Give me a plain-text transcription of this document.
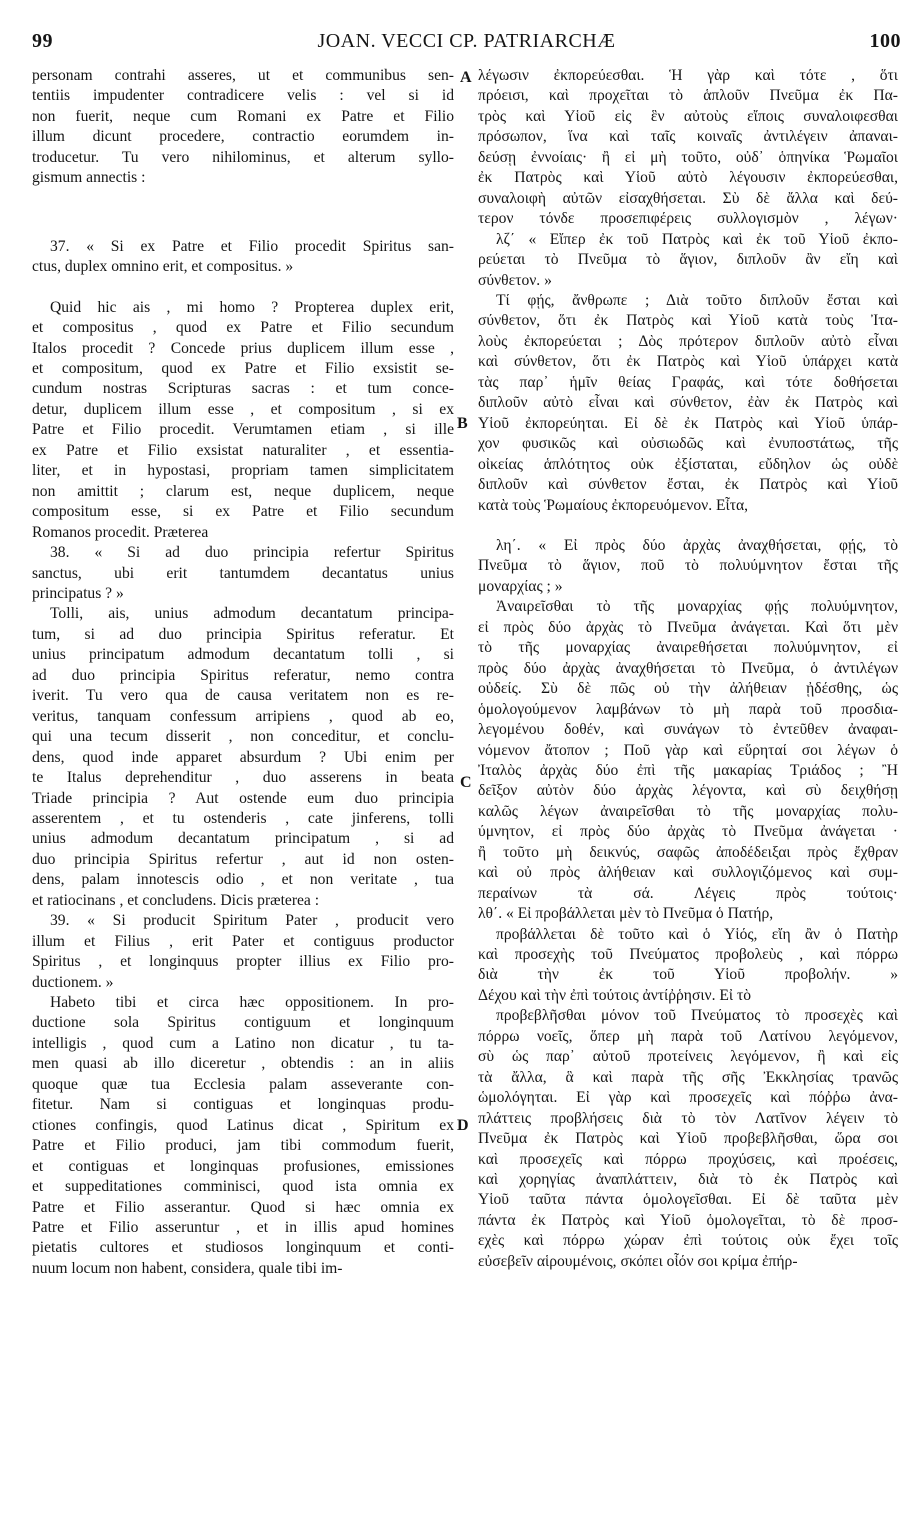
99	JOAN. VECCI CP. PATRIARCHÆ	100
personam contrahi asseres, ut et communibus sen-
tentiis impudenter contradicere velis : vel si id
non fuerit, neque cum Romani ex Patre et Filio
illum dicunt procedere, contractio eorumdem in-
troducetur. Tu vero nihilominus, et alterum syllo-
gismum annectis :
37. « Si ex Patre et Filio procedit Spiritus san-
ctus, duplex omnino erit, et compositus. »
Quid hic ais , mi homo ? Propterea duplex erit,
et compositus , quod ex Patre et Filio secundum
Italos procedit ? Concede prius duplicem illum esse ,
et compositum, quod ex Patre et Filio exsistit se-
cundum nostras Scripturas sacras : et tum conce-
detur, duplicem illum esse , et compositum , si ex
Patre et Filio procedit. Verumtamen etiam , si ille
ex Patre et Filio exsistat naturaliter , et essentia-
liter, et in hypostasi, propriam tamen simplicitatem
non amittit ; clarum est, neque duplicem, neque
compositum esse, si ex Patre et Filio secundum
Romanos procedit. Præterea
38. « Si ad duo principia refertur Spiritus
sanctus, ubi erit tantumdem decantatus unius
principatus ? »
Tolli, ais, unius admodum decantatum principa-
tum, si ad duo principia Spiritus referatur. Et
unius principatum admodum decantatum tolli , si
ad duo principia Spiritus referatur, nemo contra
iverit. Tu vero qua de causa veritatem non es re-
veritus, tanquam confessum arripiens , quod ab eo,
qui una tecum disserit , non conceditur, et conclu-
dens, quod inde apparet absurdum ? Ubi enim per
te Italus deprehenditur , duo asserens in beata
Triade principia ? Aut ostende eum duo principia
asserentem , et tu ostenderis , cate jinferens, tolli
unius admodum decantatum principatum , si ad
duo principia Spiritus refertur , aut id non osten-
dens, palam innotescis odio , et non veritate , tua
et ratiocinans , et concludens. Dicis præterea :
39. « Si producit Spiritum Pater , producit vero
illum et Filius , erit Pater et contiguus productor
Spiritus , et longinquus propter illius ex Filio pro-
ductionem. »
Habeto tibi et circa hæc oppositionem. In pro-
ductione sola Spiritus contiguum et longinquum
intelligis , quod cum a Latino non dicatur , tu ta-
men quasi ab illo diceretur , obtendis : an in aliis
quoque quæ tua Ecclesia palam asseverante con-
fitetur. Nam si contiguas et longinquas produ-
ctiones confingis, quod Latinus dicat , Spiritum ex
Patre et Filio produci, jam tibi commodum fuerit,
et contiguas et longinquas profusiones, emissiones
et suppeditationes comminisci, quod ista omnia ex
Patre et Filio asserantur. Quod si hæc omnia ex
Patre et Filio asseruntur , et in illis apud homines
pietatis cultores et studiosos longinquum et conti-
nuum locum non habent, considera, quale tibi im-
λέγωσιν ἐκπορεύεσθαι. Ἡ γὰρ καὶ τότε , ὅτι
πρόεισι, καὶ προχεῖται τὸ ἁπλοῦν Πνεῦμα ἐκ Πα-
τρὸς καὶ Υἱοῦ εἰς ἓν αὐτοὺς εἴποις συναλοιφεσθαι
πρόσωπον, ἵνα καὶ ταῖς κοιναῖς ἀντιλέγειν ἀπαναι-
δεύσῃ ἐννοίαις· ἢ εἰ μὴ τοῦτο, οὐδ᾽ ὁπηνίκα Ῥωμαῖοι
ἐκ Πατρὸς καὶ Υἱοῦ αὐτὸ λέγουσιν ἐκπορεύεσθαι,
συναλοιφὴ αὐτῶν εἰσαχθήσεται. Σὺ δὲ ἄλλα καὶ δεύ-
τερον τόνδε προσεπιφέρεις συλλογισμὸν , λέγων·
λζ΄ « Εἴπερ ἐκ τοῦ Πατρὸς καὶ ἐκ τοῦ Υἱοῦ ἐκπο-
ρεύεται τὸ Πνεῦμα τὸ ἅγιον, διπλοῦν ἂν εἴη καὶ
σύνθετον. »
Τί φῄς, ἄνθρωπε ; Διὰ τοῦτο διπλοῦν ἔσται καὶ
σύνθετον, ὅτι ἐκ Πατρὸς καὶ Υἱοῦ κατὰ τοὺς Ἰτα-
λοὺς ἐκπορεύεται ; Δὸς πρότερον διπλοῦν αὐτὸ εἶναι
καὶ σύνθετον, ὅτι ἐκ Πατρὸς καὶ Υἱοῦ ὑπάρχει κατὰ
τὰς παρ᾽ ἡμῖν θείας Γραφάς, καὶ τότε δοθήσεται
διπλοῦν αὐτὸ εἶναι καὶ σύνθετον, ἐὰν ἐκ Πατρὸς καὶ
Υἱοῦ ἐκπορεύηται. Εἰ δὲ ἐκ Πατρὸς καὶ Υἱοῦ ὑπάρ-
χον φυσικῶς καὶ οὐσιωδῶς καὶ ἐνυποστάτως, τῆς
οἰκείας ἁπλότητος οὐκ ἐξίσταται, εὔδηλον ὡς οὐδὲ
διπλοῦν καὶ σύνθετον ἔσται, ἐκ Πατρὸς καὶ Υἱοῦ
κατὰ τοὺς Ῥωμαίους ἐκπορευόμενον. Εἶτα,
λη΄. « Εἰ πρὸς δύο ἀρχὰς ἀναχθήσεται, φῄς, τὸ
Πνεῦμα τὸ ἅγιον, ποῦ τὸ πολυύμνητον ἔσται τῆς
μοναρχίας ; »
Ἀναιρεῖσθαι τὸ τῆς μοναρχίας φῄς πολυύμνητον,
εἰ πρὸς δύο ἀρχὰς τὸ Πνεῦμα ἀνάγεται. Καὶ ὅτι μὲν
τὸ τῆς μοναρχίας ἀναιρεθήσεται πολυύμνητον, εἰ
πρὸς δύο ἀρχὰς ἀναχθήσεται τὸ Πνεῦμα, ὁ ἀντιλέγων
οὐδείς. Σὺ δὲ πῶς οὐ τὴν ἀλήθειαν ᾐδέσθης, ὡς
ὁμολογούμενον λαμβάνων τὸ μὴ παρὰ τοῦ προσδια-
λεγομένου δοθέν, καὶ συνάγων τὸ ἐντεῦθεν ἀναφαι-
νόμενον ἄτοπον ; Ποῦ γὰρ καὶ εὕρηταί σοι λέγων ὁ
Ἰταλὸς ἀρχὰς δύο ἐπὶ τῆς μακαρίας Τριάδος ; Ἢ
δεῖξον αὐτὸν δύο ἀρχὰς λέγοντα, καὶ σὺ δειχθήσῃ
καλῶς λέγων ἀναιρεῖσθαι τὸ τῆς μοναρχίας πολυ-
ύμνητον, εἰ πρὸς δύο ἀρχὰς τὸ Πνεῦμα ἀνάγεται ·
ἢ τοῦτο μὴ δεικνύς, σαφῶς ἀποδέδειξαι πρὸς ἔχθραν
καὶ οὐ πρὸς ἀλήθειαν καὶ συλλογιζόμενος καὶ συμ-
περαίνων τὰ σά. Λέγεις πρὸς τούτοις·
λθ΄. « Εἰ προβάλλεται μὲν τὸ Πνεῦμα ὁ Πατήρ,
προβάλλεται δὲ τοῦτο καὶ ὁ Υἱός, εἴη ἂν ὁ Πατὴρ
καὶ προσεχὴς τοῦ Πνεύματος προβολεὺς , καὶ πόρρω
διὰ τὴν ἐκ τοῦ Υἱοῦ προβολήν. »
Δέχου καὶ τὴν ἐπὶ τούτοις ἀντίῤῥησιν. Εἰ τὸ
προβεβλῆσθαι μόνον τοῦ Πνεύματος τὸ προσεχὲς καὶ
πόρρω νοεῖς, ὅπερ μὴ παρὰ τοῦ Λατίνου λεγόμενον,
σὺ ὡς παρ᾽ αὐτοῦ προτείνεις λεγόμενον, ἢ καὶ εἰς
τὰ ἄλλα, ἃ καὶ παρὰ τῆς σῆς Ἐκκλησίας τρανῶς
ὡμολόγηται. Εἰ γὰρ καὶ προσεχεῖς καὶ πόῤῥω ἀνα-
πλάττεις προβλήσεις διὰ τὸ τὸν Λατῖνον λέγειν τὸ
Πνεῦμα ἐκ Πατρὸς καὶ Υἱοῦ προβεβλῆσθαι, ὥρα σοι
καὶ προσεχεῖς καὶ πόρρω προχύσεις, καὶ προέσεις,
καὶ χορηγίας ἀναπλάττειν, διὰ τὸ ἐκ Πατρὸς καὶ
Υἱοῦ ταῦτα πάντα ὁμολογεῖσθαι. Εἰ δὲ ταῦτα μὲν
πάντα ἐκ Πατρὸς καὶ Υἱοῦ ὁμολογεῖται, τὸ δὲ προσ-
εχὲς καὶ πόρρω χώραν ἐπὶ τούτοις οὐκ ἔχει τοῖς
εὐσεβεῖν αἱρουμένοις, σκόπει οἷόν σοι κρίμα ἐπήρ-
A
B
C
D
